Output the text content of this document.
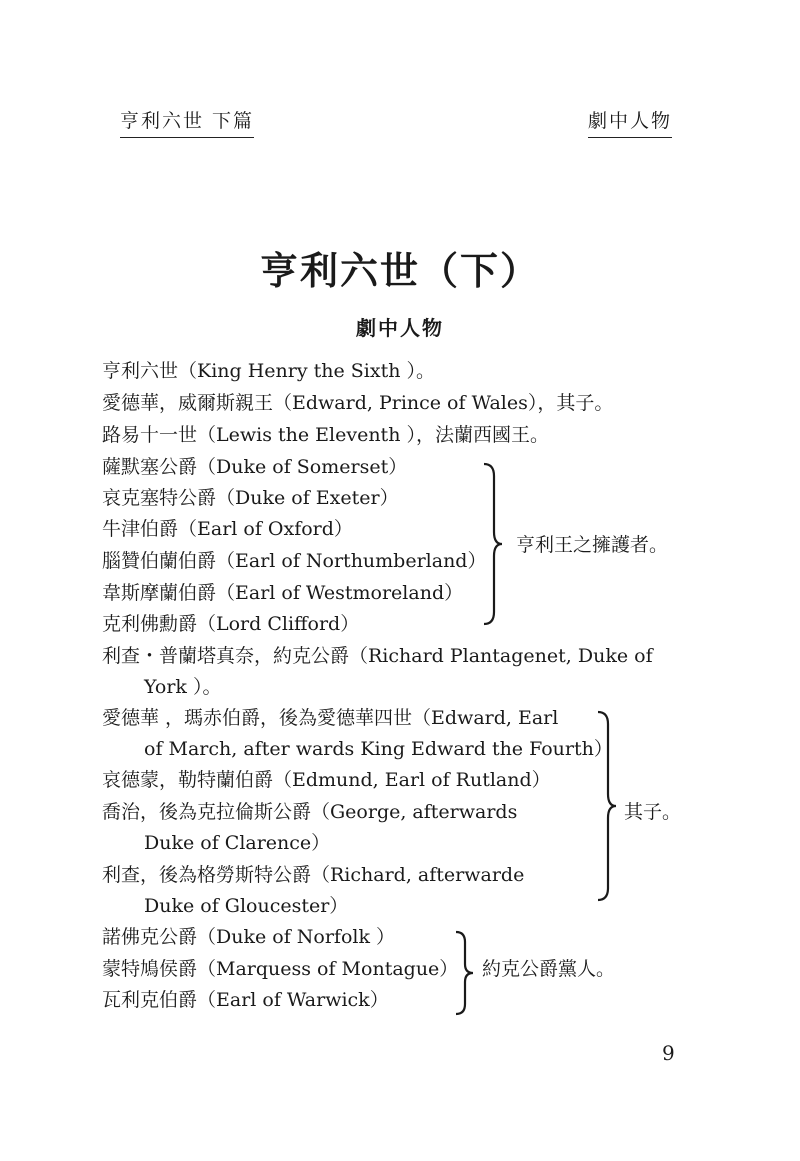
亨利六世 下篇	劇中人物
亨利六世（下）
劇中人物
亨利六世（King Henry the Sixth ）。
愛德華，威爾斯親王（Edward, Prince of Wales），其子。
路易十一世（Lewis the Eleventh ），法蘭西國王。
薩默塞公爵（Duke of Somerset）
哀克塞特公爵（Duke of Exeter）
牛津伯爵（Earl of Oxford）
腦贊伯蘭伯爵（Earl of Northumberland）
韋斯摩蘭伯爵（Earl of Westmoreland）
克利佛勳爵（Lord Clifford）
利查・普蘭塔真奈，約克公爵（Richard Plantagenet, Duke of
York ）。
愛德華 ，瑪赤伯爵，後為愛德華四世（Edward, Earl
of March, after wards King Edward the Fourth）
哀德蒙，勒特蘭伯爵（Edmund, Earl of Rutland）
喬治，後為克拉倫斯公爵（George, afterwards
Duke of Clarence）
利查，後為格勞斯特公爵（Richard, afterwarde
Duke of Gloucester）
諾佛克公爵（Duke of Norfolk ）
蒙特鳩侯爵（Marquess of Montague）
瓦利克伯爵（Earl of Warwick）
亨利王之擁護者。
其子。
約克公爵黨人。
9
